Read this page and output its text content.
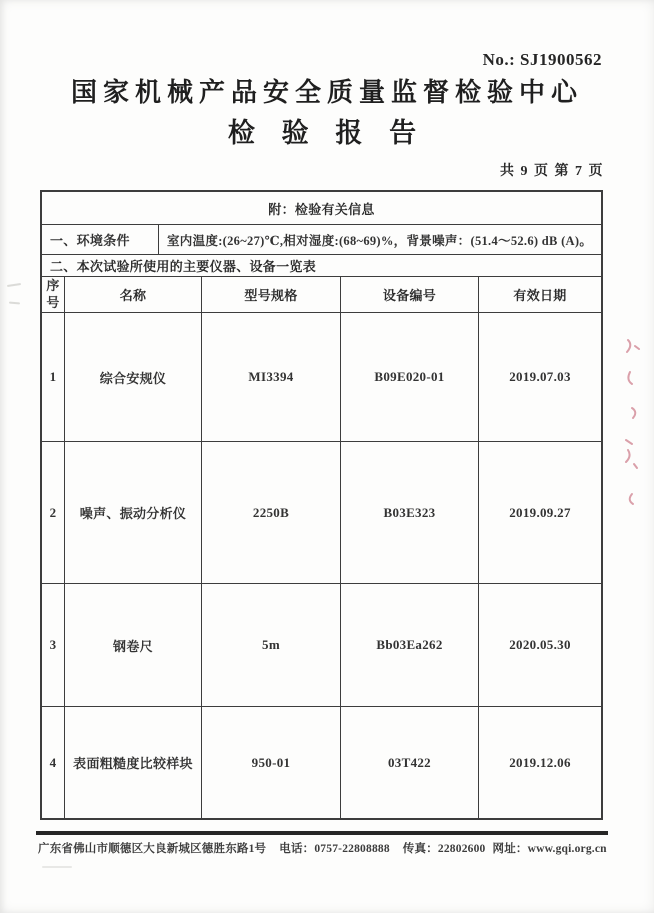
No.: SJ1900562
国家机械产品安全质量监督检验中心
检 验 报 告
共 9 页 第 7 页
附：检验有关信息
一、环境条件	室内温度:(26~27)℃,相对湿度:(68~69)%，背景噪声：(51.4～52.6) dB (A)。
二、本次试验所使用的主要仪器、设备一览表
序号	名称	型号规格	设备编号	有效日期
1	综合安规仪	MI3394	B09E020-01	2019.07.03
2	噪声、振动分析仪	2250B	B03E323	2019.09.27
3	钢卷尺	5m	Bb03Ea262	2020.05.30
4	表面粗糙度比较样块	950-01	03T422	2019.12.06
广东省佛山市顺德区大良新城区德胜东路1号 电话：0757-22808888 传真：22802600 网址：www.gqi.org.cn
